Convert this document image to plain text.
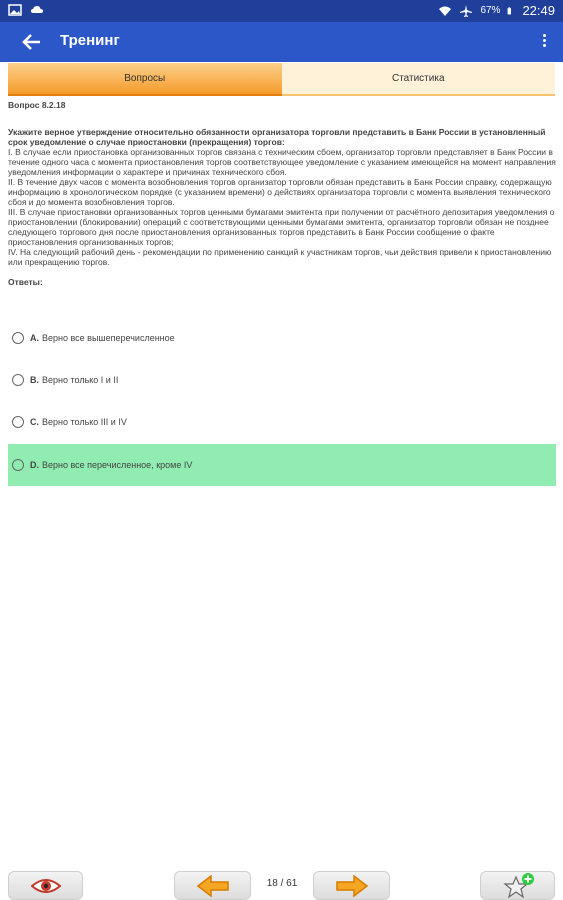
67% 22:49
Тренинг
Вопросы	Статистика
Вопрос 8.2.18
Укажите верное утверждение относительно обязанности организатора торговли представить в Банк России в установленный срок уведомление о случае приостановки (прекращения) торгов:
I. В случае если приостановка организованных торгов связана с техническим сбоем, организатор торговли представляет в Банк России в течение одного часа с момента приостановления торгов соответствующее уведомление с указанием имеющейся на момент направления уведомления информации о характере и причинах технического сбоя.
II. В течение двух часов с момента возобновления торгов организатор торговли обязан представить в Банк России справку, содержащую информацию в хронологическом порядке (с указанием времени) о действиях организатора торговли с момента выявления технического сбоя и до момента возобновления торгов.
III. В случае приостановки организованных торгов ценными бумагами эмитента при получении от расчётного депозитария уведомления о приостановлении (блокировании) операций с соответствующими ценными бумагами эмитента, организатор торговли обязан не позднее следующего торгового дня после приостановления организованных торгов представить в Банк России сообщение о факте приостановления организованных торгов;
IV. На следующий рабочий день - рекомендации по применению санкций к участникам торгов, чьи действия привели к приостановлению или прекращению торгов.
Ответы:
A. Верно все вышеперечисленное
B. Верно только I и II
C. Верно только III и IV
D. Верно все перечисленное, кроме IV
18 / 61
